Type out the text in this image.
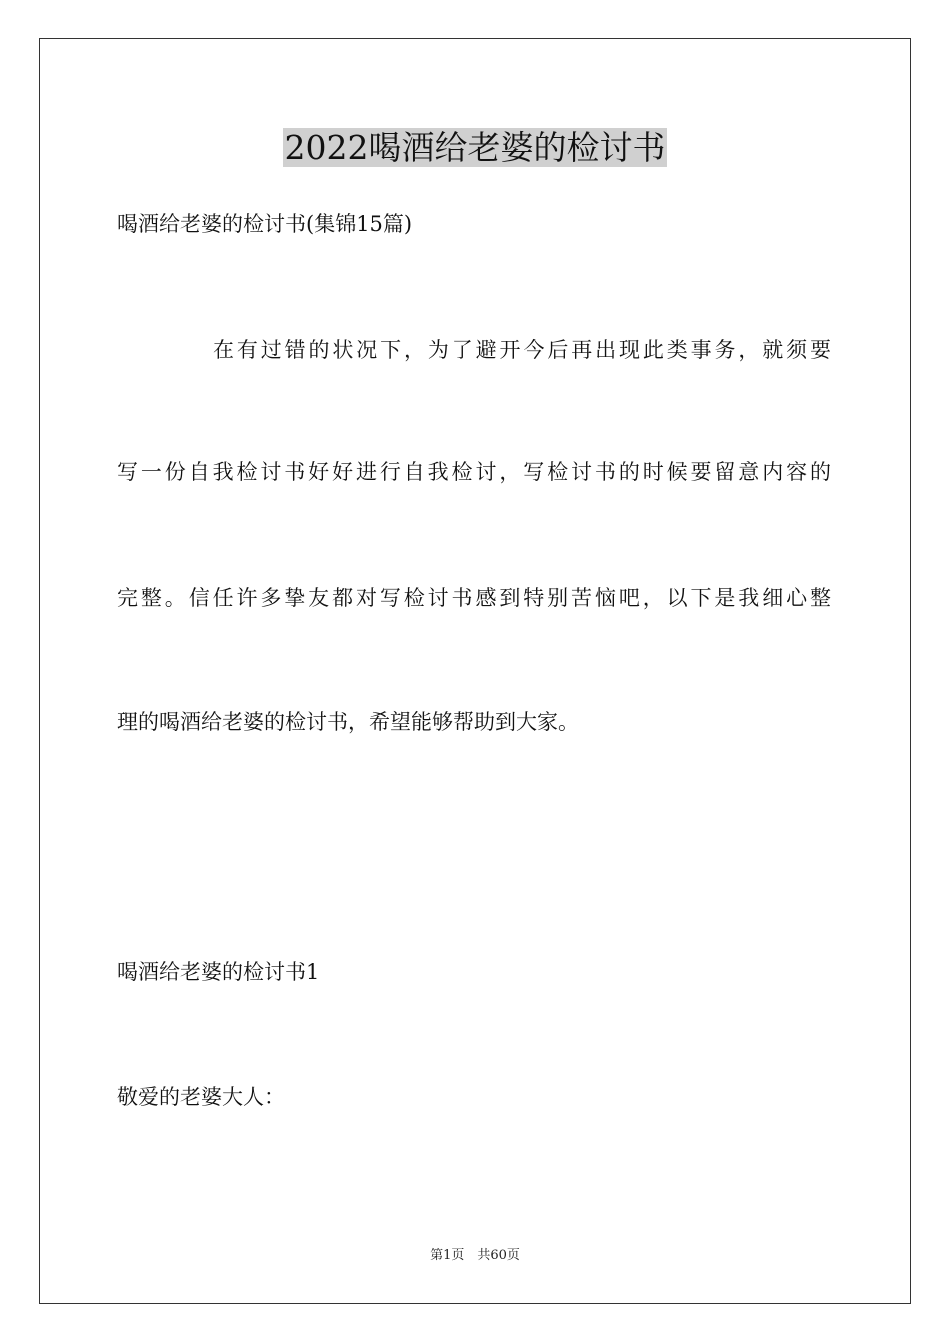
2022喝酒给老婆的检讨书

喝酒给老婆的检讨书(集锦15篇)

在有过错的状况下，为了避开今后再出现此类事务，就须要

写一份自我检讨书好好进行自我检讨，写检讨书的时候要留意内容的

完整。信任许多挚友都对写检讨书感到特别苦恼吧，以下是我细心整

理的喝酒给老婆的检讨书，希望能够帮助到大家。

喝酒给老婆的检讨书1

敬爱的老婆大人：

第1页　共60页
